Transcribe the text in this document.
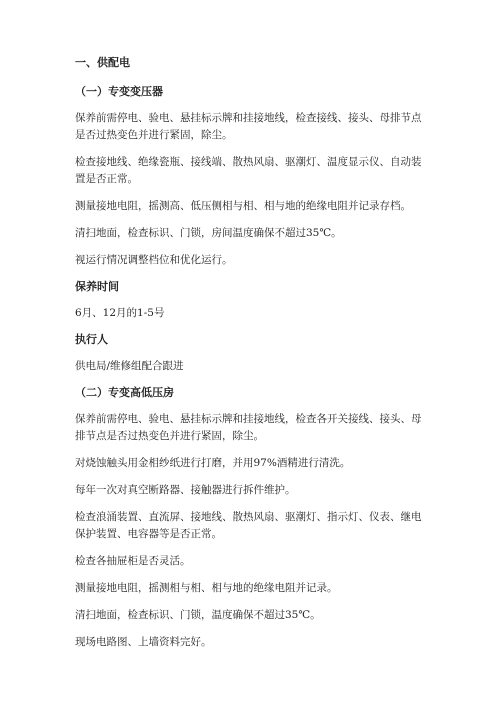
一、供配电
（一）专变变压器
保养前需停电、验电、悬挂标示牌和挂接地线，检查接线、接头、母排节点是否过热变色并进行紧固，除尘。
检查接地线、绝缘瓷瓶、接线端、散热风扇、驱潮灯、温度显示仪、自动装置是否正常。
测量接地电阻，摇测高、低压侧相与相、相与地的绝缘电阻并记录存档。
清扫地面，检查标识、门锁，房间温度确保不超过35℃。
视运行情况调整档位和优化运行。
保养时间
6月、12月的1-5号
执行人
供电局/维修组配合跟进
（二）专变高低压房
保养前需停电、验电、悬挂标示牌和挂接地线，检查各开关接线、接头、母排节点是否过热变色并进行紧固，除尘。
对烧蚀触头用金相纱纸进行打磨，并用97%酒精进行清洗。
每年一次对真空断路器、接触器进行拆件维护。
检查浪涌装置、直流屏、接地线、散热风扇、驱潮灯、指示灯、仪表、继电保护装置、电容器等是否正常。
检查各抽屉柜是否灵活。
测量接地电阻，摇测相与相、相与地的绝缘电阻并记录。
清扫地面，检查标识、门锁，温度确保不超过35℃。
现场电路图、上墙资料完好。
